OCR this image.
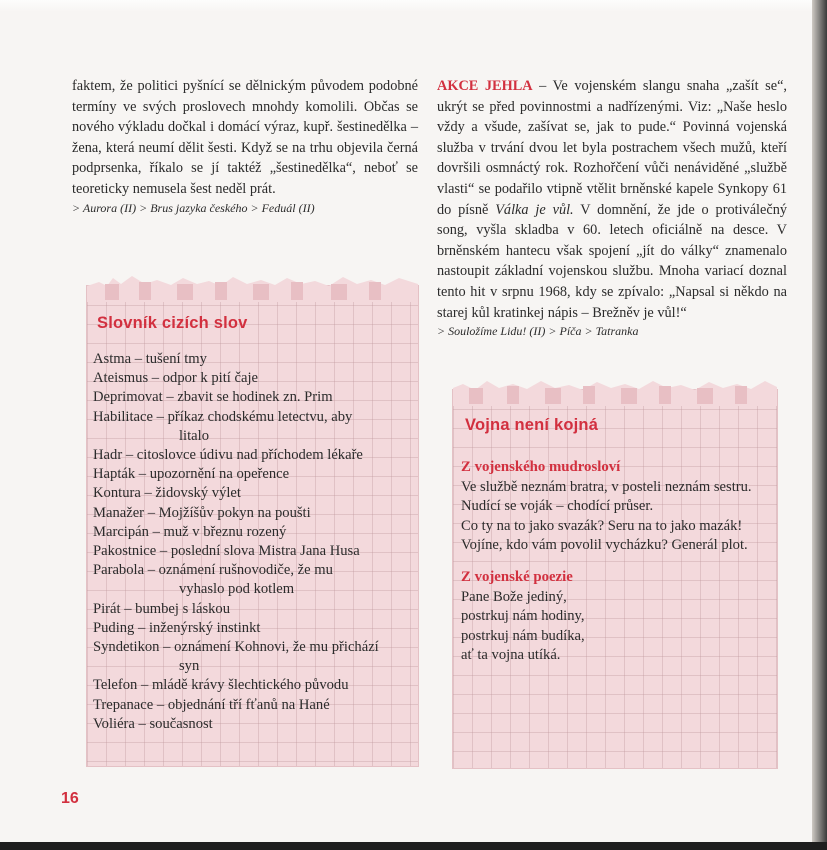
faktem, že politici pyšnící se dělnickým původem podobné termíny ve svých proslovech mnohdy komolili. Občas se nového výkladu dočkal i domácí výraz, kupř. šestinedělka – žena, která neumí dělit šesti. Když se na trhu objevila černá podprsenka, říkalo se jí taktéž „šestinedělka“, neboť se teoreticky nemusela šest neděl prát.

> Aurora (II) > Brus jazyka českého > Feduál (II)

AKCE JEHLA – Ve vojenském slangu snaha „zašít se“, ukrýt se před povinnostmi a nadřízenými. Viz: „Naše heslo vždy a všude, zašívat se, jak to pude.“ Povinná vojenská služba v trvání dvou let byla postrachem všech mužů, kteří dovršili osmnáctý rok. Rozhořčení vůči nenáviděné „službě vlasti“ se podařilo vtipně vtělit brněnské kapele Synkopy 61 do písně Válka je vůl. V domnění, že jde o protiválečný song, vyšla skladba v 60. letech oficiálně na desce. V brněnském hantecu však spojení „jít do války“ znamenalo nastoupit základní vojenskou službu. Mnoha variací doznal tento hit v srpnu 1968, kdy se zpívalo: „Napsal si někdo na starej kůl kratinkej nápis – Brežněv je vůl!“

> Souložíme Lidu! (II) > Píča > Tatranka

Slovník cizích slov
Astma – tušení tmy
Ateismus – odpor k pití čaje
Deprimovat – zbavit se hodinek zn. Prim
Habilitace – příkaz chodskému letectvu, aby
litalo
Hadr – citoslovce údivu nad příchodem lékaře
Hapták – upozornění na opeřence
Kontura – židovský výlet
Manažer – Mojžíšův pokyn na poušti
Marcipán – muž v březnu rozený
Pakostnice – poslední slova Mistra Jana Husa
Parabola – oznámení rušnovodiče, že mu
vyhaslo pod kotlem
Pirát – bumbej s láskou
Puding – inženýrský instinkt
Syndetikon – oznámení Kohnovi, že mu přichází
syn
Telefon – mládě krávy šlechtického původu
Trepanace – objednání tří fťanů na Hané
Voliéra – současnost
Vojna není kojná

Z vojenského mudrosloví

Ve službě neznám bratra, v posteli neznám sestru.

Nudící se voják – chodící průser.

Co ty na to jako svazák? Seru na to jako mazák!

Vojíne, kdo vám povolil vycházku? Generál plot.

Z vojenské poezie

Pane Bože jediný,

postrkuj nám hodiny,

postrkuj nám budíka,

ať ta vojna utíká.

16
